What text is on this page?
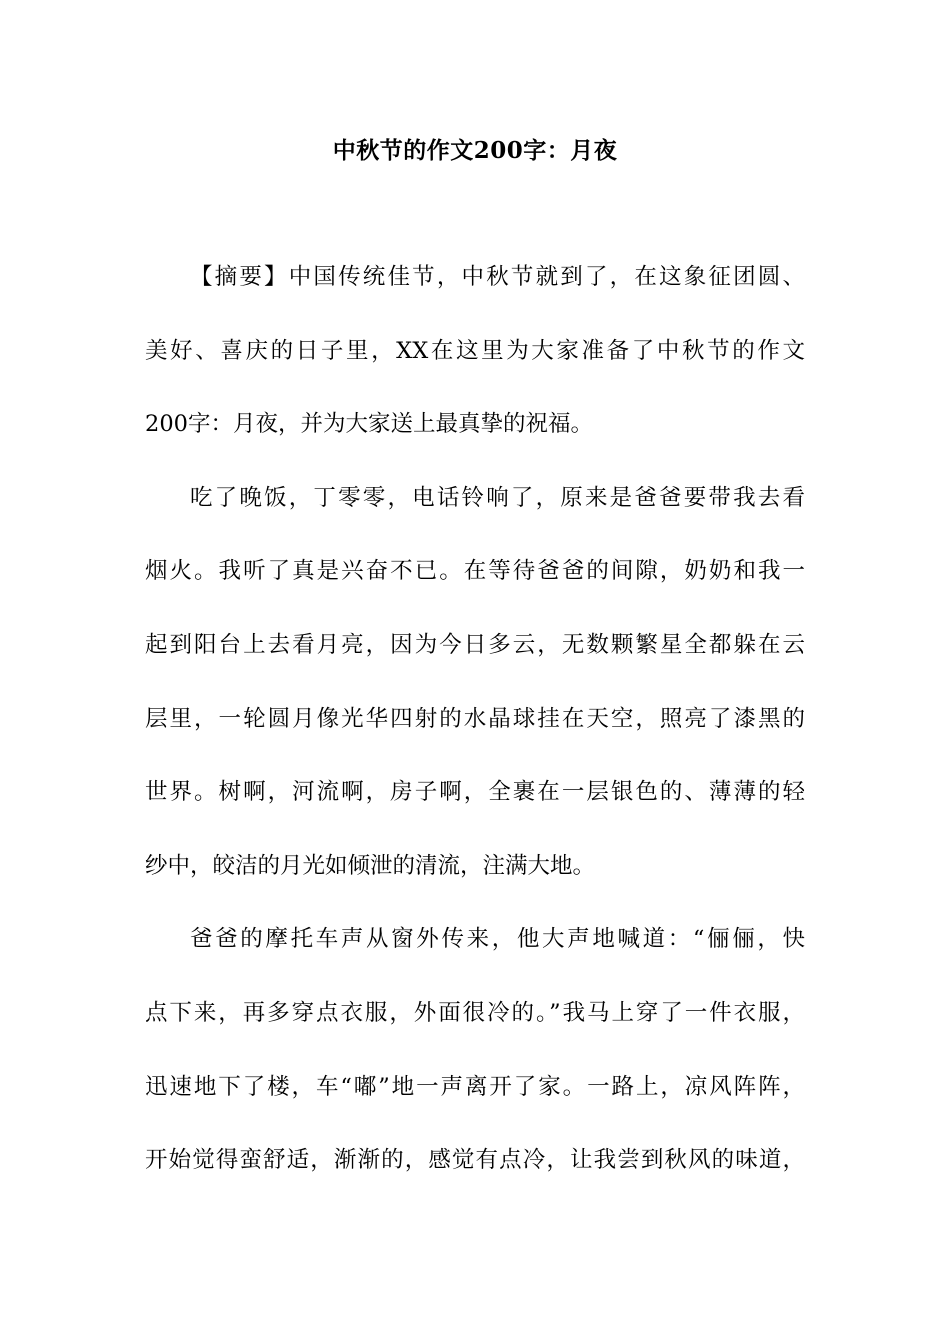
中秋节的作文200字：月夜
【摘要】中国传统佳节，中秋节就到了，在这象征团圆、
美好、喜庆的日子里，XX在这里为大家准备了中秋节的作文
200字：月夜，并为大家送上最真挚的祝福。
吃了晚饭，丁零零，电话铃响了，原来是爸爸要带我去看
烟火。我听了真是兴奋不已。在等待爸爸的间隙，奶奶和我一
起到阳台上去看月亮，因为今日多云，无数颗繁星全都躲在云
层里，一轮圆月像光华四射的水晶球挂在天空，照亮了漆黑的
世界。树啊，河流啊，房子啊，全裹在一层银色的、薄薄的轻
纱中，皎洁的月光如倾泄的清流，注满大地。
爸爸的摩托车声从窗外传来，他大声地喊道：“俪俪，快
点下来，再多穿点衣服，外面很冷的。”我马上穿了一件衣服，
迅速地下了楼，车“嘟”地一声离开了家。一路上，凉风阵阵，
开始觉得蛮舒适，渐渐的，感觉有点冷，让我尝到秋风的味道，
